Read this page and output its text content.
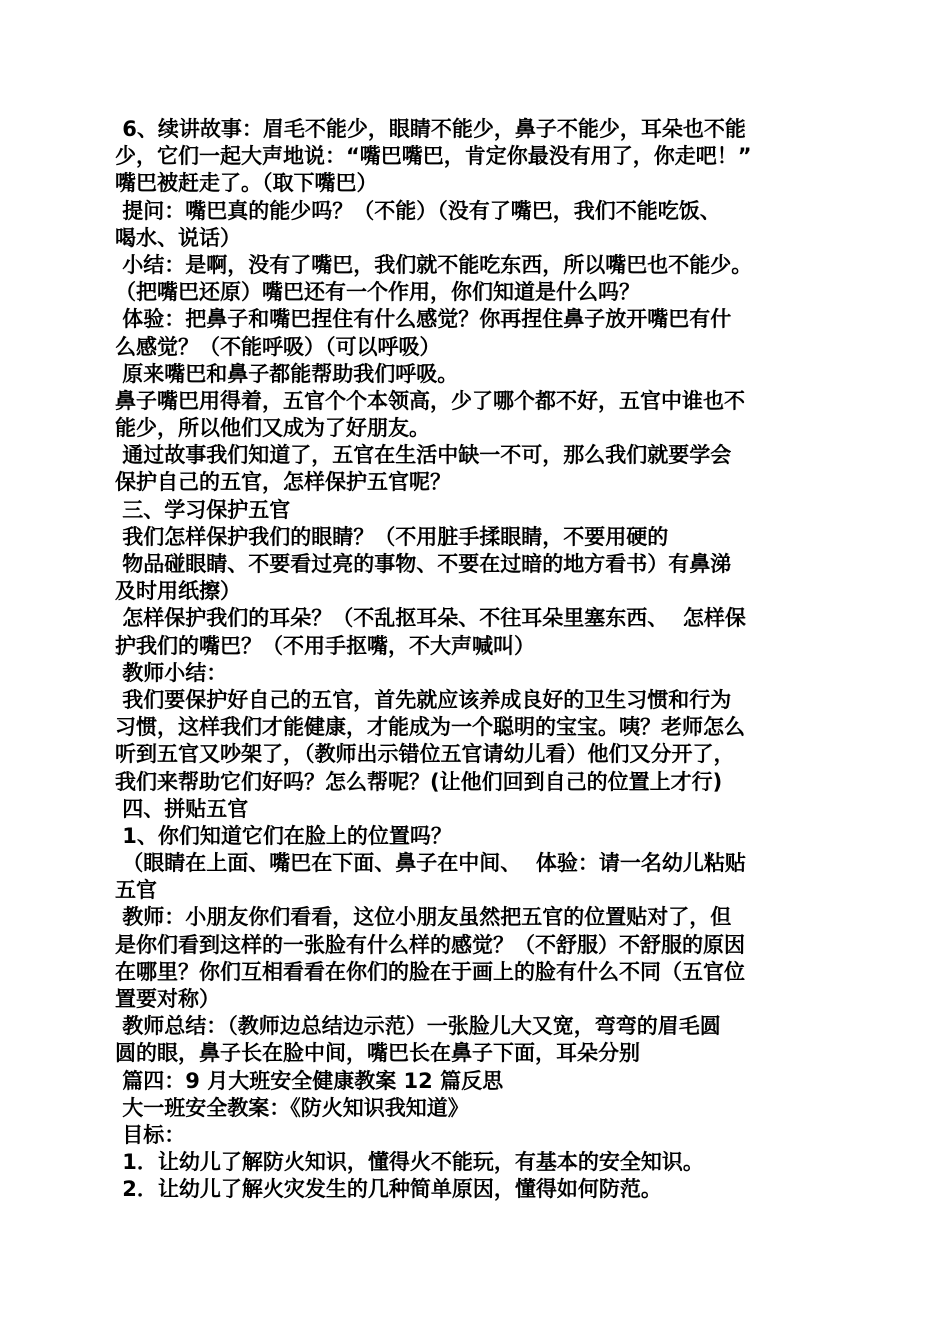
6、续讲故事：眉毛不能少，眼睛不能少，鼻子不能少，耳朵也不能
少，它们一起大声地说：“嘴巴嘴巴，肯定你最没有用了，你走吧！”
嘴巴被赶走了。（取下嘴巴）
提问：嘴巴真的能少吗？（不能）（没有了嘴巴，我们不能吃饭、
喝水、说话）
小结：是啊，没有了嘴巴，我们就不能吃东西，所以嘴巴也不能少。
（把嘴巴还原）嘴巴还有一个作用，你们知道是什么吗？
体验：把鼻子和嘴巴捏住有什么感觉？你再捏住鼻子放开嘴巴有什
么感觉？（不能呼吸）（可以呼吸）
原来嘴巴和鼻子都能帮助我们呼吸。
鼻子嘴巴用得着，五官个个本领高，少了哪个都不好，五官中谁也不
能少，所以他们又成为了好朋友。
通过故事我们知道了，五官在生活中缺一不可，那么我们就要学会
保护自己的五官，怎样保护五官呢？
三、学习保护五官
我们怎样保护我们的眼睛？（不用脏手揉眼睛，不要用硬的
物品碰眼睛、不要看过亮的事物、不要在过暗的地方看书）有鼻涕
及时用纸擦）
怎样保护我们的耳朵？（不乱抠耳朵、不往耳朵里塞东西、  怎样保
护我们的嘴巴？（不用手抠嘴，不大声喊叫）
教师小结：
我们要保护好自己的五官，首先就应该养成良好的卫生习惯和行为
习惯，这样我们才能健康，才能成为一个聪明的宝宝。咦？老师怎么
听到五官又吵架了，（教师出示错位五官请幼儿看）他们又分开了，
我们来帮助它们好吗？怎么帮呢？(让他们回到自己的位置上才行)
四、拼贴五官
1、你们知道它们在脸上的位置吗？
（眼睛在上面、嘴巴在下面、鼻子在中间、  体验：请一名幼儿粘贴
五官
教师：小朋友你们看看，这位小朋友虽然把五官的位置贴对了，但
是你们看到这样的一张脸有什么样的感觉？（不舒服）不舒服的原因
在哪里？你们互相看看在你们的脸在于画上的脸有什么不同（五官位
置要对称）
教师总结：（教师边总结边示范）一张脸儿大又宽，弯弯的眉毛圆
圆的眼，鼻子长在脸中间，嘴巴长在鼻子下面，耳朵分别
篇四：9 月大班安全健康教案 12 篇反思
大一班安全教案：《防火知识我知道》
目标：
1．让幼儿了解防火知识，懂得火不能玩，有基本的安全知识。
2．让幼儿了解火灾发生的几种简单原因，懂得如何防范。
